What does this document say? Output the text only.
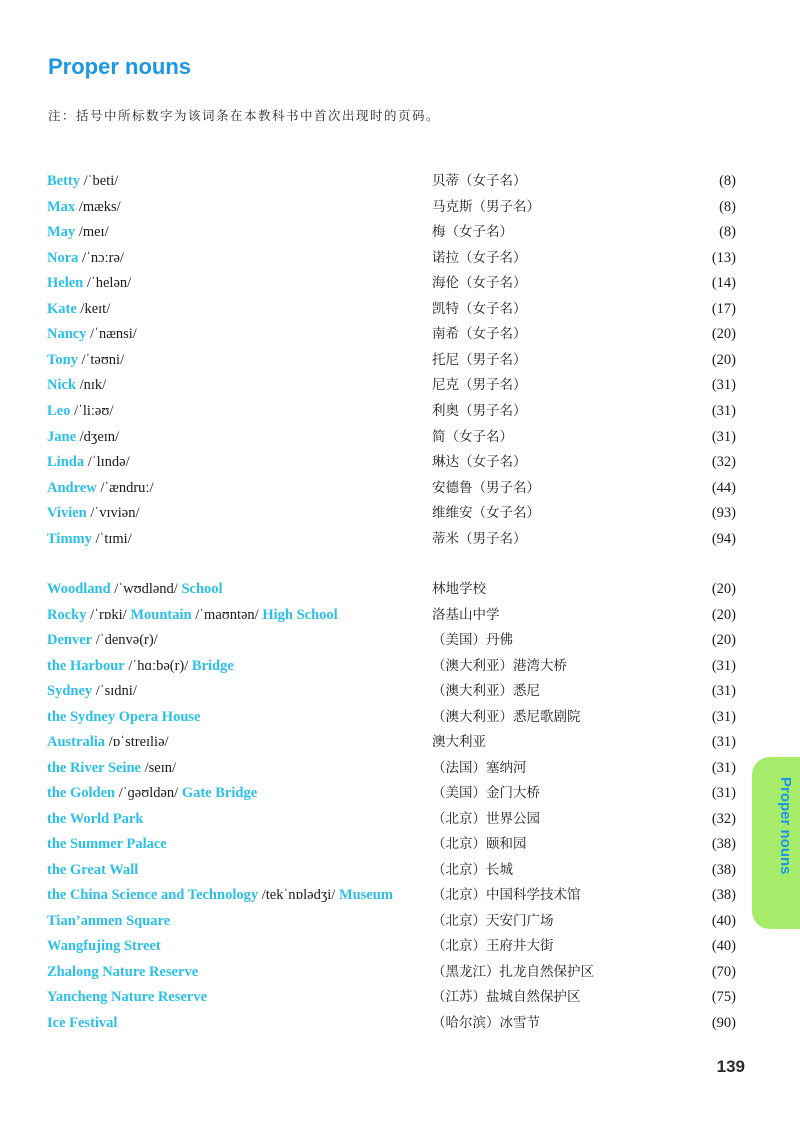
Proper nouns
注：括号中所标数字为该词条在本教科书中首次出现时的页码。
Betty /ˈbeti/	贝蒂（女子名）	(8)
Max /mæks/	马克斯（男子名）	(8)
May /meɪ/	梅（女子名）	(8)
Nora /ˈnɔːrə/	诺拉（女子名）	(13)
Helen /ˈhelən/	海伦（女子名）	(14)
Kate /keɪt/	凯特（女子名）	(17)
Nancy /ˈnænsi/	南希（女子名）	(20)
Tony /ˈtəʊni/	托尼（男子名）	(20)
Nick /nɪk/	尼克（男子名）	(31)
Leo /ˈliːəʊ/	利奥（男子名）	(31)
Jane /dʒeɪn/	简（女子名）	(31)
Linda /ˈlɪndə/	琳达（女子名）	(32)
Andrew /ˈændruː/	安德鲁（男子名）	(44)
Vivien /ˈvɪviən/	维维安（女子名）	(93)
Timmy /ˈtɪmi/	蒂米（男子名）	(94)
Woodland /ˈwʊdlənd/ School	林地学校	(20)
Rocky /ˈrɒki/ Mountain /ˈmaʊntən/ High School	洛基山中学	(20)
Denver /ˈdenvə(r)/	（美国）丹佛	(20)
the Harbour /ˈhɑːbə(r)/ Bridge	（澳大利亚）港湾大桥	(31)
Sydney /ˈsɪdni/	（澳大利亚）悉尼	(31)
the Sydney Opera House	（澳大利亚）悉尼歌剧院	(31)
Australia /ɒˈstreɪliə/	澳大利亚	(31)
the River Seine /seɪn/	（法国）塞纳河	(31)
the Golden /ˈɡəʊldən/ Gate Bridge	（美国）金门大桥	(31)
the World Park	（北京）世界公园	(32)
the Summer Palace	（北京）颐和园	(38)
the Great Wall	（北京）长城	(38)
the China Science and Technology /tekˈnɒlədʒi/ Museum	（北京）中国科学技术馆	(38)
Tian’anmen Square	（北京）天安门广场	(40)
Wangfujing Street	（北京）王府井大街	(40)
Zhalong Nature Reserve	（黑龙江）扎龙自然保护区	(70)
Yancheng Nature Reserve	（江苏）盐城自然保护区	(75)
Ice Festival	（哈尔滨）冰雪节	(90)
Proper nouns
139
